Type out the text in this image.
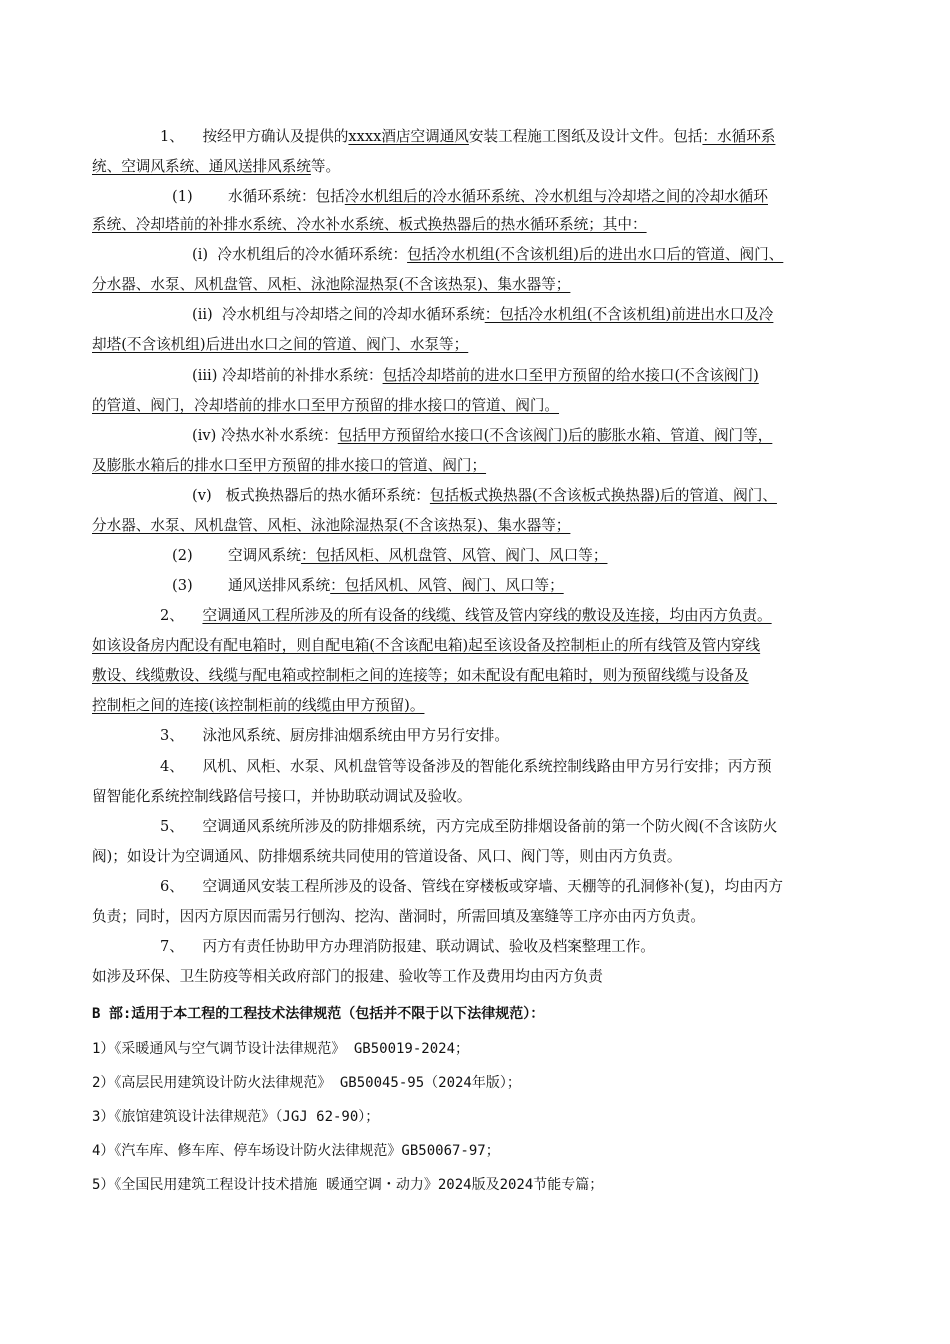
1、 按经甲方确认及提供的xxxx酒店空调通风安装工程施工图纸及设计文件。包括：水循环系
统、空调风系统、通风送排风系统等。
(1) 水循环系统：包括冷水机组后的冷水循环系统、冷水机组与冷却塔之间的冷却水循环
系统、冷却塔前的补排水系统、冷水补水系统、板式换热器后的热水循环系统；其中：
(i) 冷水机组后的冷水循环系统：包括冷水机组(不含该机组)后的进出水口后的管道、阀门、
分水器、水泵、风机盘管、风柜、泳池除湿热泵(不含该热泵)、集水器等；
(ii) 冷水机组与冷却塔之间的冷却水循环系统：包括冷水机组(不含该机组)前进出水口及冷
却塔(不含该机组)后进出水口之间的管道、阀门、水泵等；
(iii) 冷却塔前的补排水系统：包括冷却塔前的进水口至甲方预留的给水接口(不含该阀门)
的管道、阀门，冷却塔前的排水口至甲方预留的排水接口的管道、阀门。
(iv) 冷热水补水系统：包括甲方预留给水接口(不含该阀门)后的膨胀水箱、管道、阀门等，
及膨胀水箱后的排水口至甲方预留的排水接口的管道、阀门；
(v) 板式换热器后的热水循环系统：包括板式换热器(不含该板式换热器)后的管道、阀门、
分水器、水泵、风机盘管、风柜、泳池除湿热泵(不含该热泵)、集水器等；
(2) 空调风系统：包括风柜、风机盘管、风管、阀门、风口等；
(3) 通风送排风系统：包括风机、风管、阀门、风口等；
2、 空调通风工程所涉及的所有设备的线缆、线管及管内穿线的敷设及连接，均由丙方负责。
如该设备房内配设有配电箱时，则自配电箱(不含该配电箱)起至该设备及控制柜止的所有线管及管内穿线
敷设、线缆敷设、线缆与配电箱或控制柜之间的连接等；如未配设有配电箱时，则为预留线缆与设备及
控制柜之间的连接(该控制柜前的线缆由甲方预留)。
3、 泳池风系统、厨房排油烟系统由甲方另行安排。
4、 风机、风柜、水泵、风机盘管等设备涉及的智能化系统控制线路由甲方另行安排；丙方预
留智能化系统控制线路信号接口，并协助联动调试及验收。
5、 空调通风系统所涉及的防排烟系统，丙方完成至防排烟设备前的第一个防火阀(不含该防火
阀)；如设计为空调通风、防排烟系统共同使用的管道设备、风口、阀门等，则由丙方负责。
6、 空调通风安装工程所涉及的设备、管线在穿楼板或穿墙、天棚等的孔洞修补(复)，均由丙方
负责；同时，因丙方原因而需另行刨沟、挖沟、凿洞时，所需回填及塞缝等工序亦由丙方负责。
7、 丙方有责任协助甲方办理消防报建、联动调试、验收及档案整理工作。
如涉及环保、卫生防疫等相关政府部门的报建、验收等工作及费用均由丙方负责
B 部:适用于本工程的工程技术法律规范（包括并不限于以下法律规范）：
1）《采暖通风与空气调节设计法律规范》 GB50019-2024；
2）《高层民用建筑设计防火法律规范》 GB50045-95（2024年版）；
3）《旅馆建筑设计法律规范》（JGJ 62-90）；
4）《汽车库、修车库、停车场设计防火法律规范》GB50067-97；
5）《全国民用建筑工程设计技术措施 暖通空调・动力》2024版及2024节能专篇；
